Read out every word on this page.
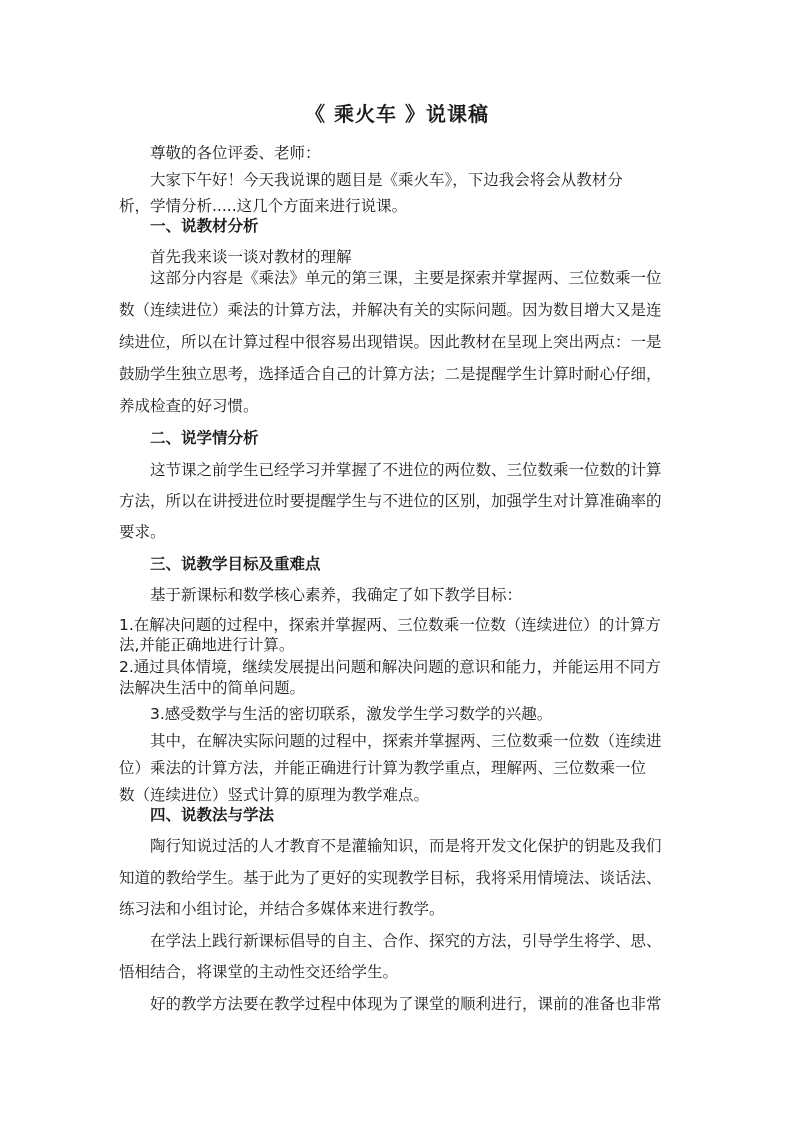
《 乘火车 》说课稿
尊敬的各位评委、老师：
大家下午好！今天我说课的题目是《乘火车》，下边我会将会从教材分
析，学情分析.....这几个方面来进行说课。
一、说教材分析
首先我来谈一谈对教材的理解
这部分内容是《乘法》单元的第三课，主要是探索并掌握两、三位数乘一位
数（连续进位）乘法的计算方法，并解决有关的实际问题。因为数目增大又是连
续进位，所以在计算过程中很容易出现错误。因此教材在呈现上突出两点：一是
鼓励学生独立思考，选择适合自己的计算方法；二是提醒学生计算时耐心仔细，
养成检查的好习惯。
二、说学情分析
这节课之前学生已经学习并掌握了不进位的两位数、三位数乘一位数的计算
方法，所以在讲授进位时要提醒学生与不进位的区别，加强学生对计算准确率的
要求。
三、说教学目标及重难点
基于新课标和数学核心素养，我确定了如下教学目标：
1.在解决问题的过程中，探索并掌握两、三位数乘一位数（连续进位）的计算方
法,并能正确地进行计算。
2.通过具体情境，继续发展提出问题和解决问题的意识和能力，并能运用不同方
法解决生活中的简单问题。
3.感受数学与生活的密切联系，激发学生学习数学的兴趣。
其中，在解决实际问题的过程中，探索并掌握两、三位数乘一位数（连续进
位）乘法的计算方法，并能正确进行计算为教学重点，理解两、三位数乘一位
数（连续进位）竖式计算的原理为教学难点。
四、说教法与学法
陶行知说过活的人才教育不是灌输知识，而是将开发文化保护的钥匙及我们
知道的教给学生。基于此为了更好的实现教学目标，我将采用情境法、谈话法、
练习法和小组讨论，并结合多媒体来进行教学。
在学法上践行新课标倡导的自主、合作、探究的方法，引导学生将学、思、
悟相结合，将课堂的主动性交还给学生。
好的教学方法要在教学过程中体现为了课堂的顺利进行，课前的准备也非常
